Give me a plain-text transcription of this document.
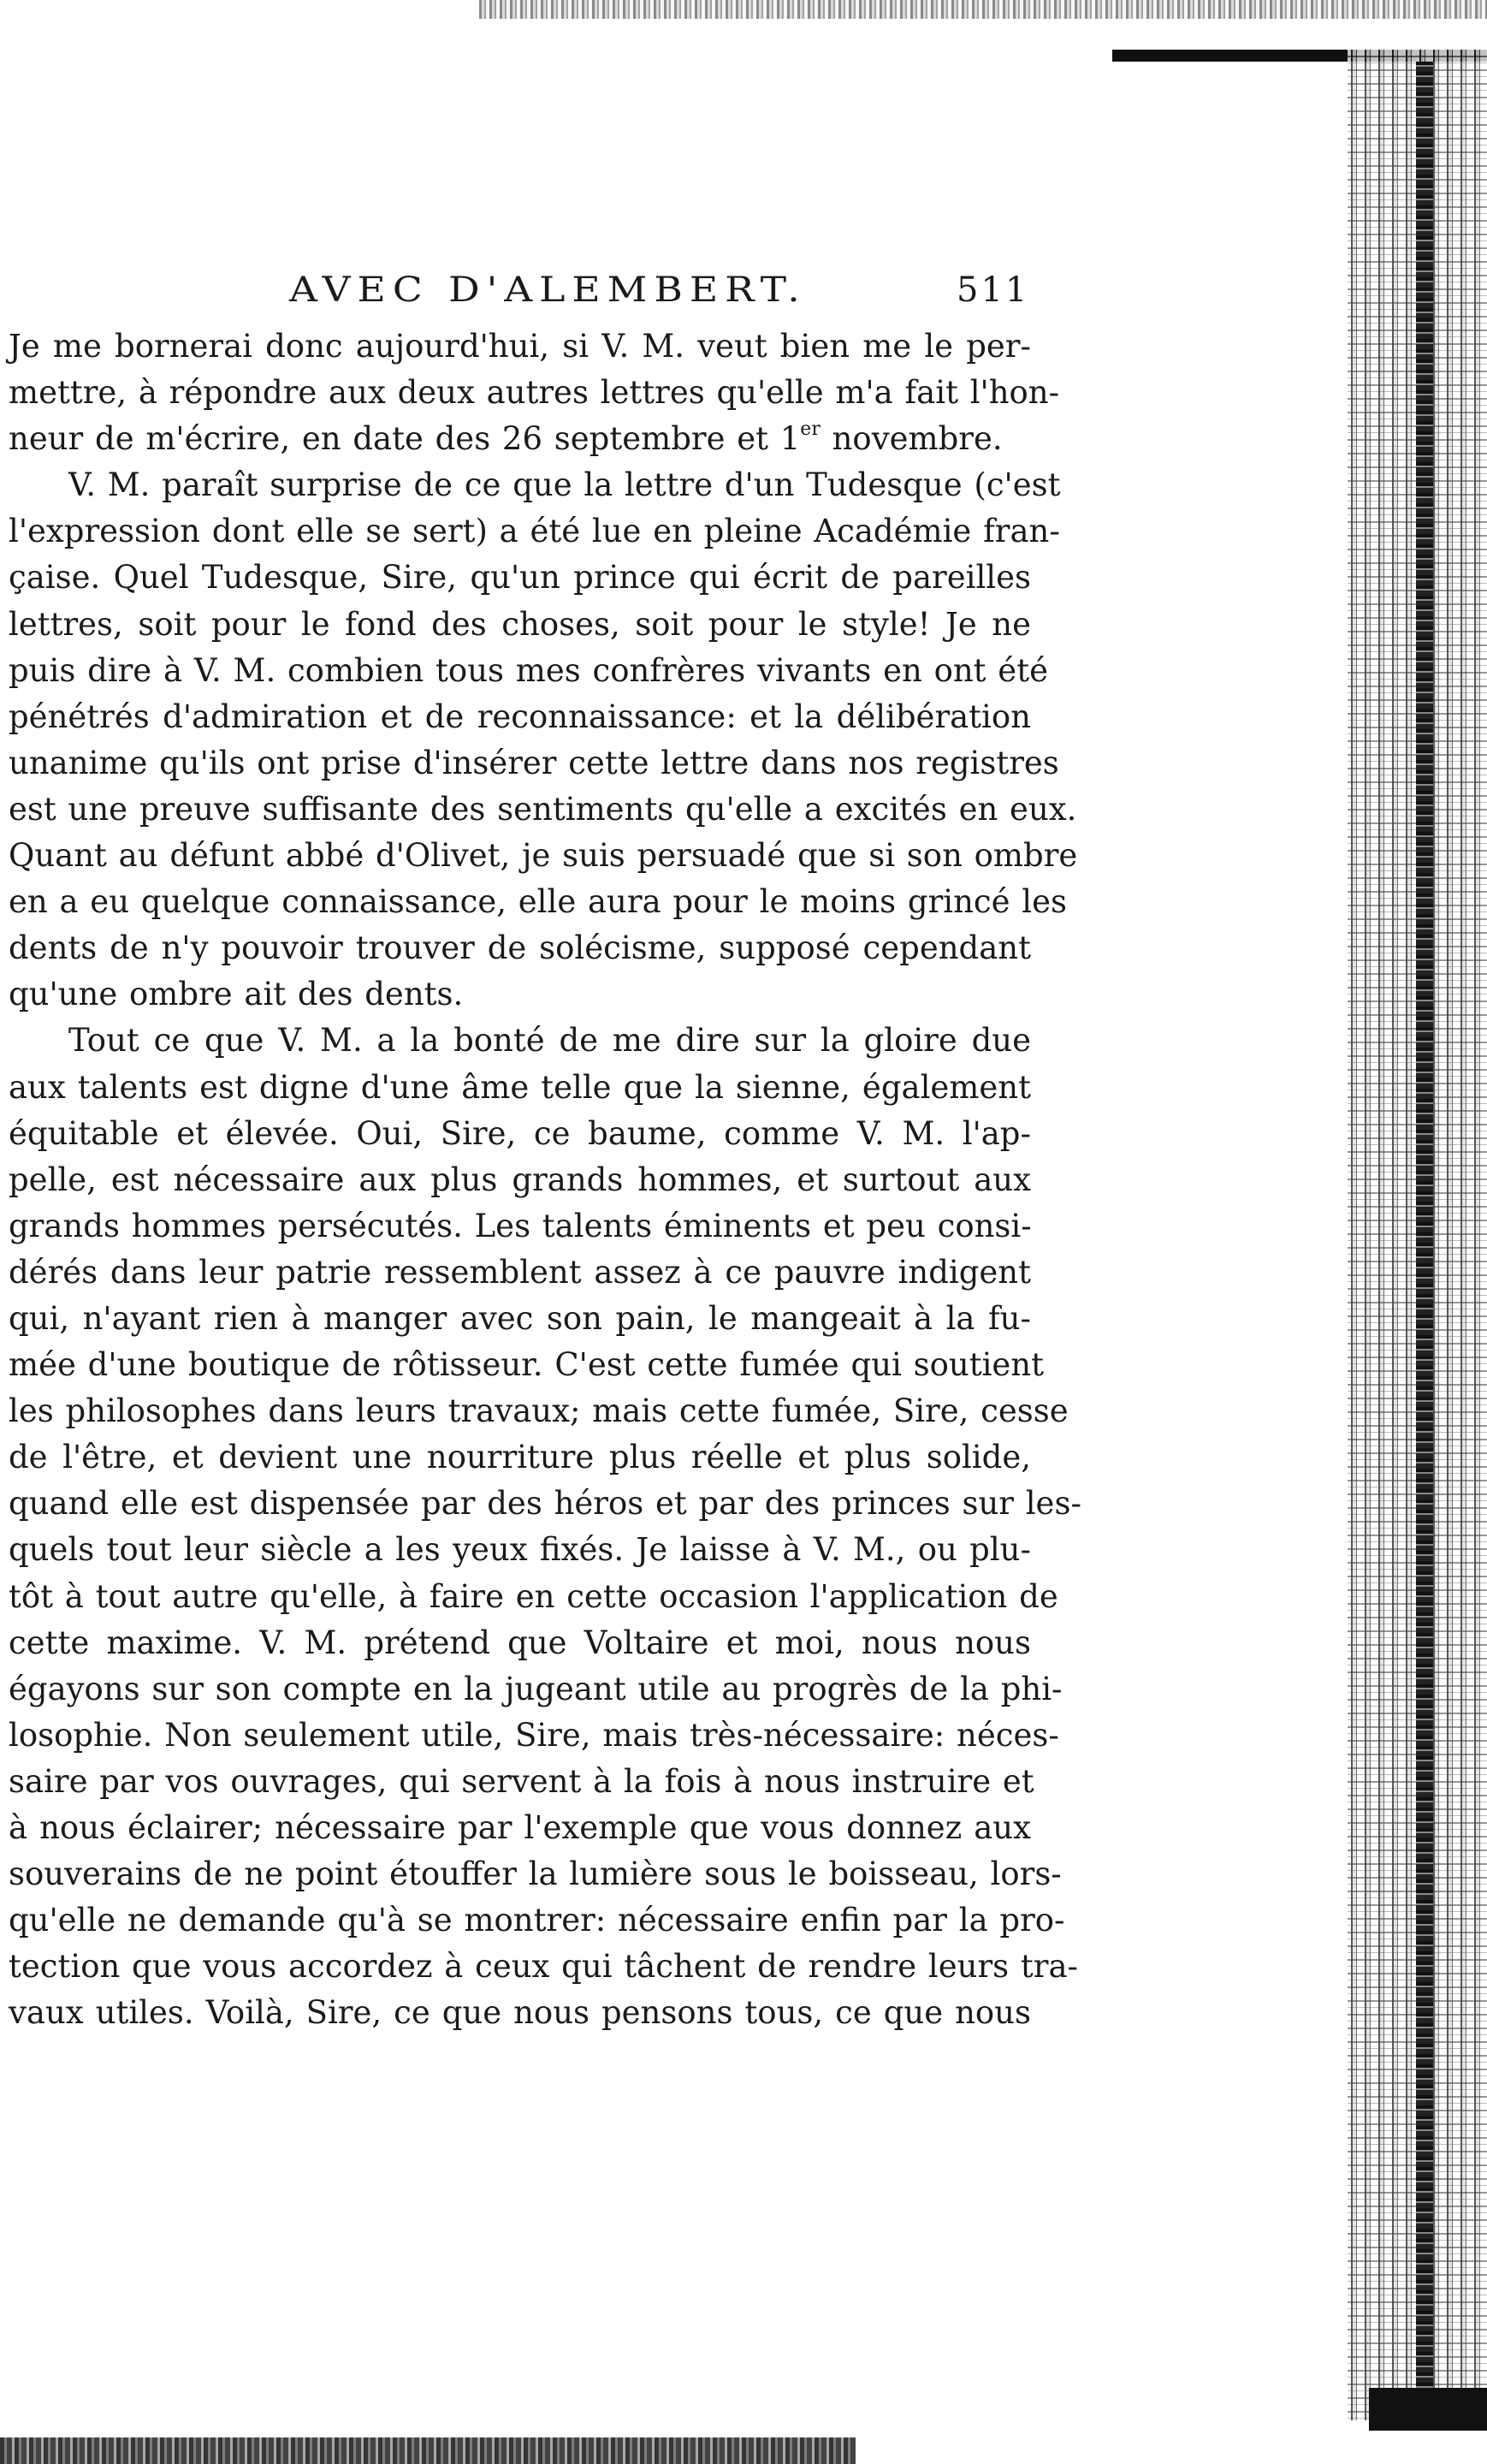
AVEC D'ALEMBERT.	511
Je me bornerai donc aujourd'hui, si V. M. veut bien me le per-
mettre, à répondre aux deux autres lettres qu'elle m'a fait l'hon-
neur de m'écrire, en date des 26 septembre et 1er novembre.
V. M. paraît surprise de ce que la lettre d'un Tudesque (c'est
l'expression dont elle se sert) a été lue en pleine Académie fran-
çaise. Quel Tudesque, Sire, qu'un prince qui écrit de pareilles
lettres, soit pour le fond des choses, soit pour le style! Je ne
puis dire à V. M. combien tous mes confrères vivants en ont été
pénétrés d'admiration et de reconnaissance: et la délibération
unanime qu'ils ont prise d'insérer cette lettre dans nos registres
est une preuve suffisante des sentiments qu'elle a excités en eux.
Quant au défunt abbé d'Olivet, je suis persuadé que si son ombre
en a eu quelque connaissance, elle aura pour le moins grincé les
dents de n'y pouvoir trouver de solécisme, supposé cependant
qu'une ombre ait des dents.
Tout ce que V. M. a la bonté de me dire sur la gloire due
aux talents est digne d'une âme telle que la sienne, également
équitable et élevée. Oui, Sire, ce baume, comme V. M. l'ap-
pelle, est nécessaire aux plus grands hommes, et surtout aux
grands hommes persécutés. Les talents éminents et peu consi-
dérés dans leur patrie ressemblent assez à ce pauvre indigent
qui, n'ayant rien à manger avec son pain, le mangeait à la fu-
mée d'une boutique de rôtisseur. C'est cette fumée qui soutient
les philosophes dans leurs travaux; mais cette fumée, Sire, cesse
de l'être, et devient une nourriture plus réelle et plus solide,
quand elle est dispensée par des héros et par des princes sur les-
quels tout leur siècle a les yeux fixés. Je laisse à V. M., ou plu-
tôt à tout autre qu'elle, à faire en cette occasion l'application de
cette maxime. V. M. prétend que Voltaire et moi, nous nous
égayons sur son compte en la jugeant utile au progrès de la phi-
losophie. Non seulement utile, Sire, mais très-nécessaire: néces-
saire par vos ouvrages, qui servent à la fois à nous instruire et
à nous éclairer; nécessaire par l'exemple que vous donnez aux
souverains de ne point étouffer la lumière sous le boisseau, lors-
qu'elle ne demande qu'à se montrer: nécessaire enfin par la pro-
tection que vous accordez à ceux qui tâchent de rendre leurs tra-
vaux utiles. Voilà, Sire, ce que nous pensons tous, ce que nous
